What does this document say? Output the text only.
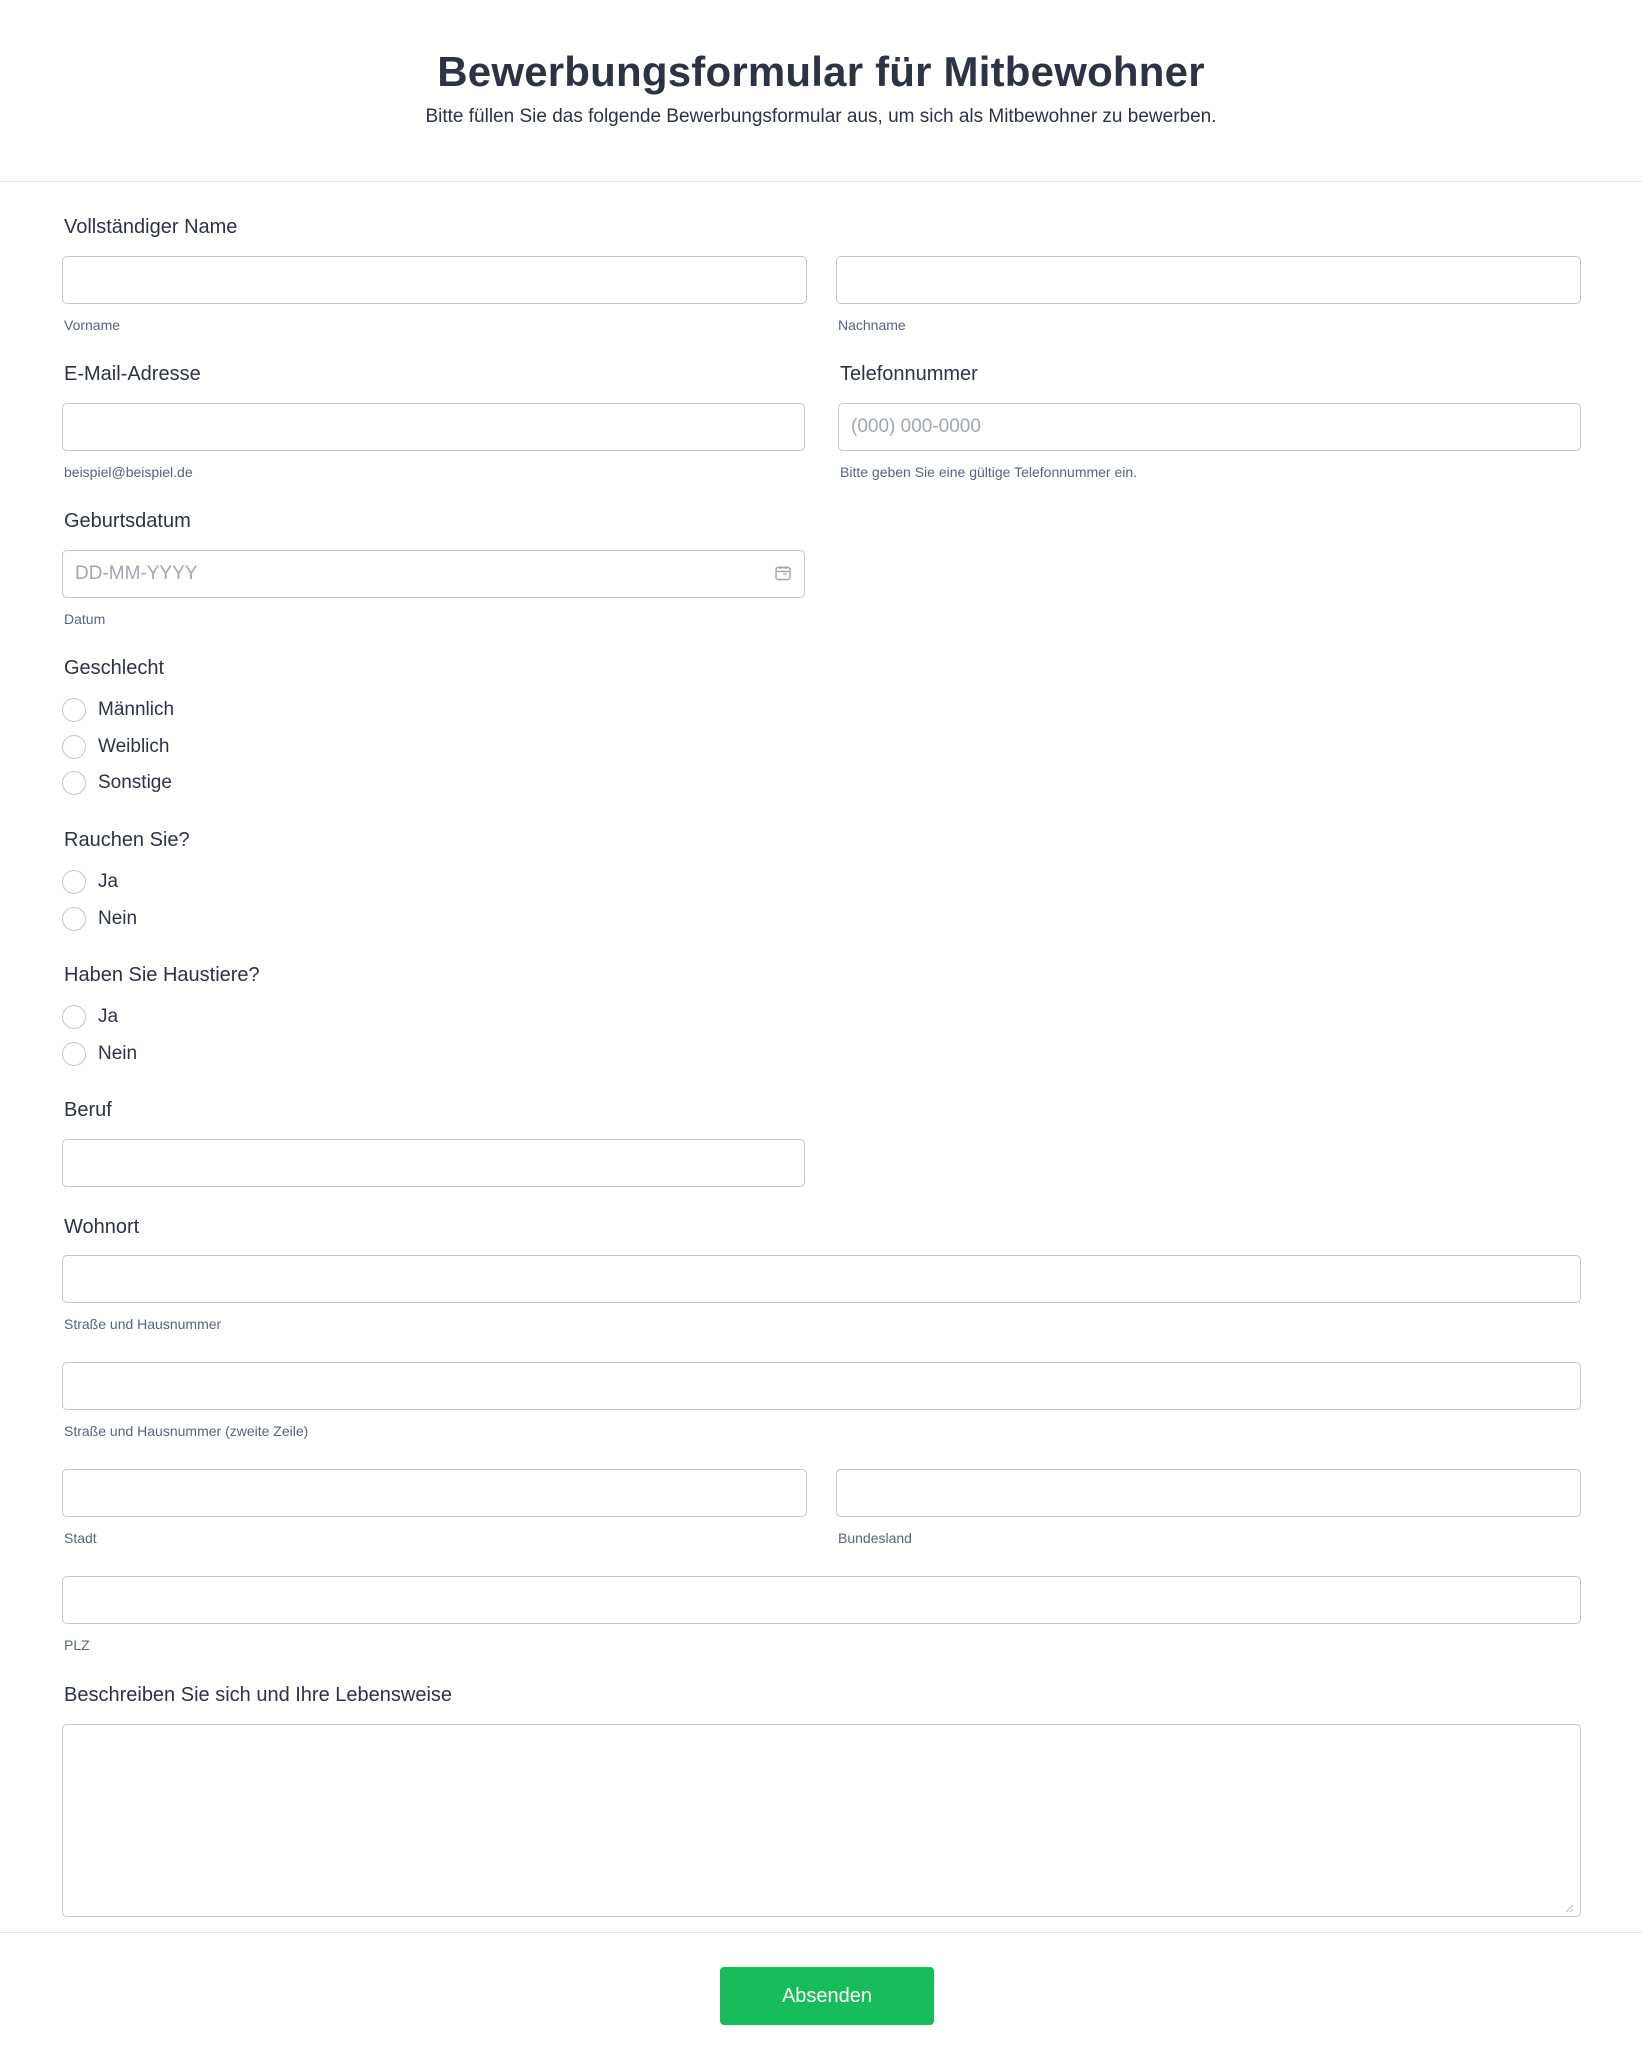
Bewerbungsformular für Mitbewohner
Bitte füllen Sie das folgende Bewerbungsformular aus, um sich als Mitbewohner zu bewerben.
Vollständiger Name
Vorname	Nachname
E-Mail-Adresse
beispiel@beispiel.de
Telefonnummer
(000) 000-0000
Bitte geben Sie eine gültige Telefonnummer ein.
Geburtsdatum
DD-MM-YYYY
Datum
Geschlecht
Männlich
Weiblich
Sonstige
Rauchen Sie?
Ja
Nein
Haben Sie Haustiere?
Ja
Nein
Beruf
Wohnort
Straße und Hausnummer
Straße und Hausnummer (zweite Zeile)
Stadt	Bundesland
PLZ
Beschreiben Sie sich und Ihre Lebensweise
Absenden
